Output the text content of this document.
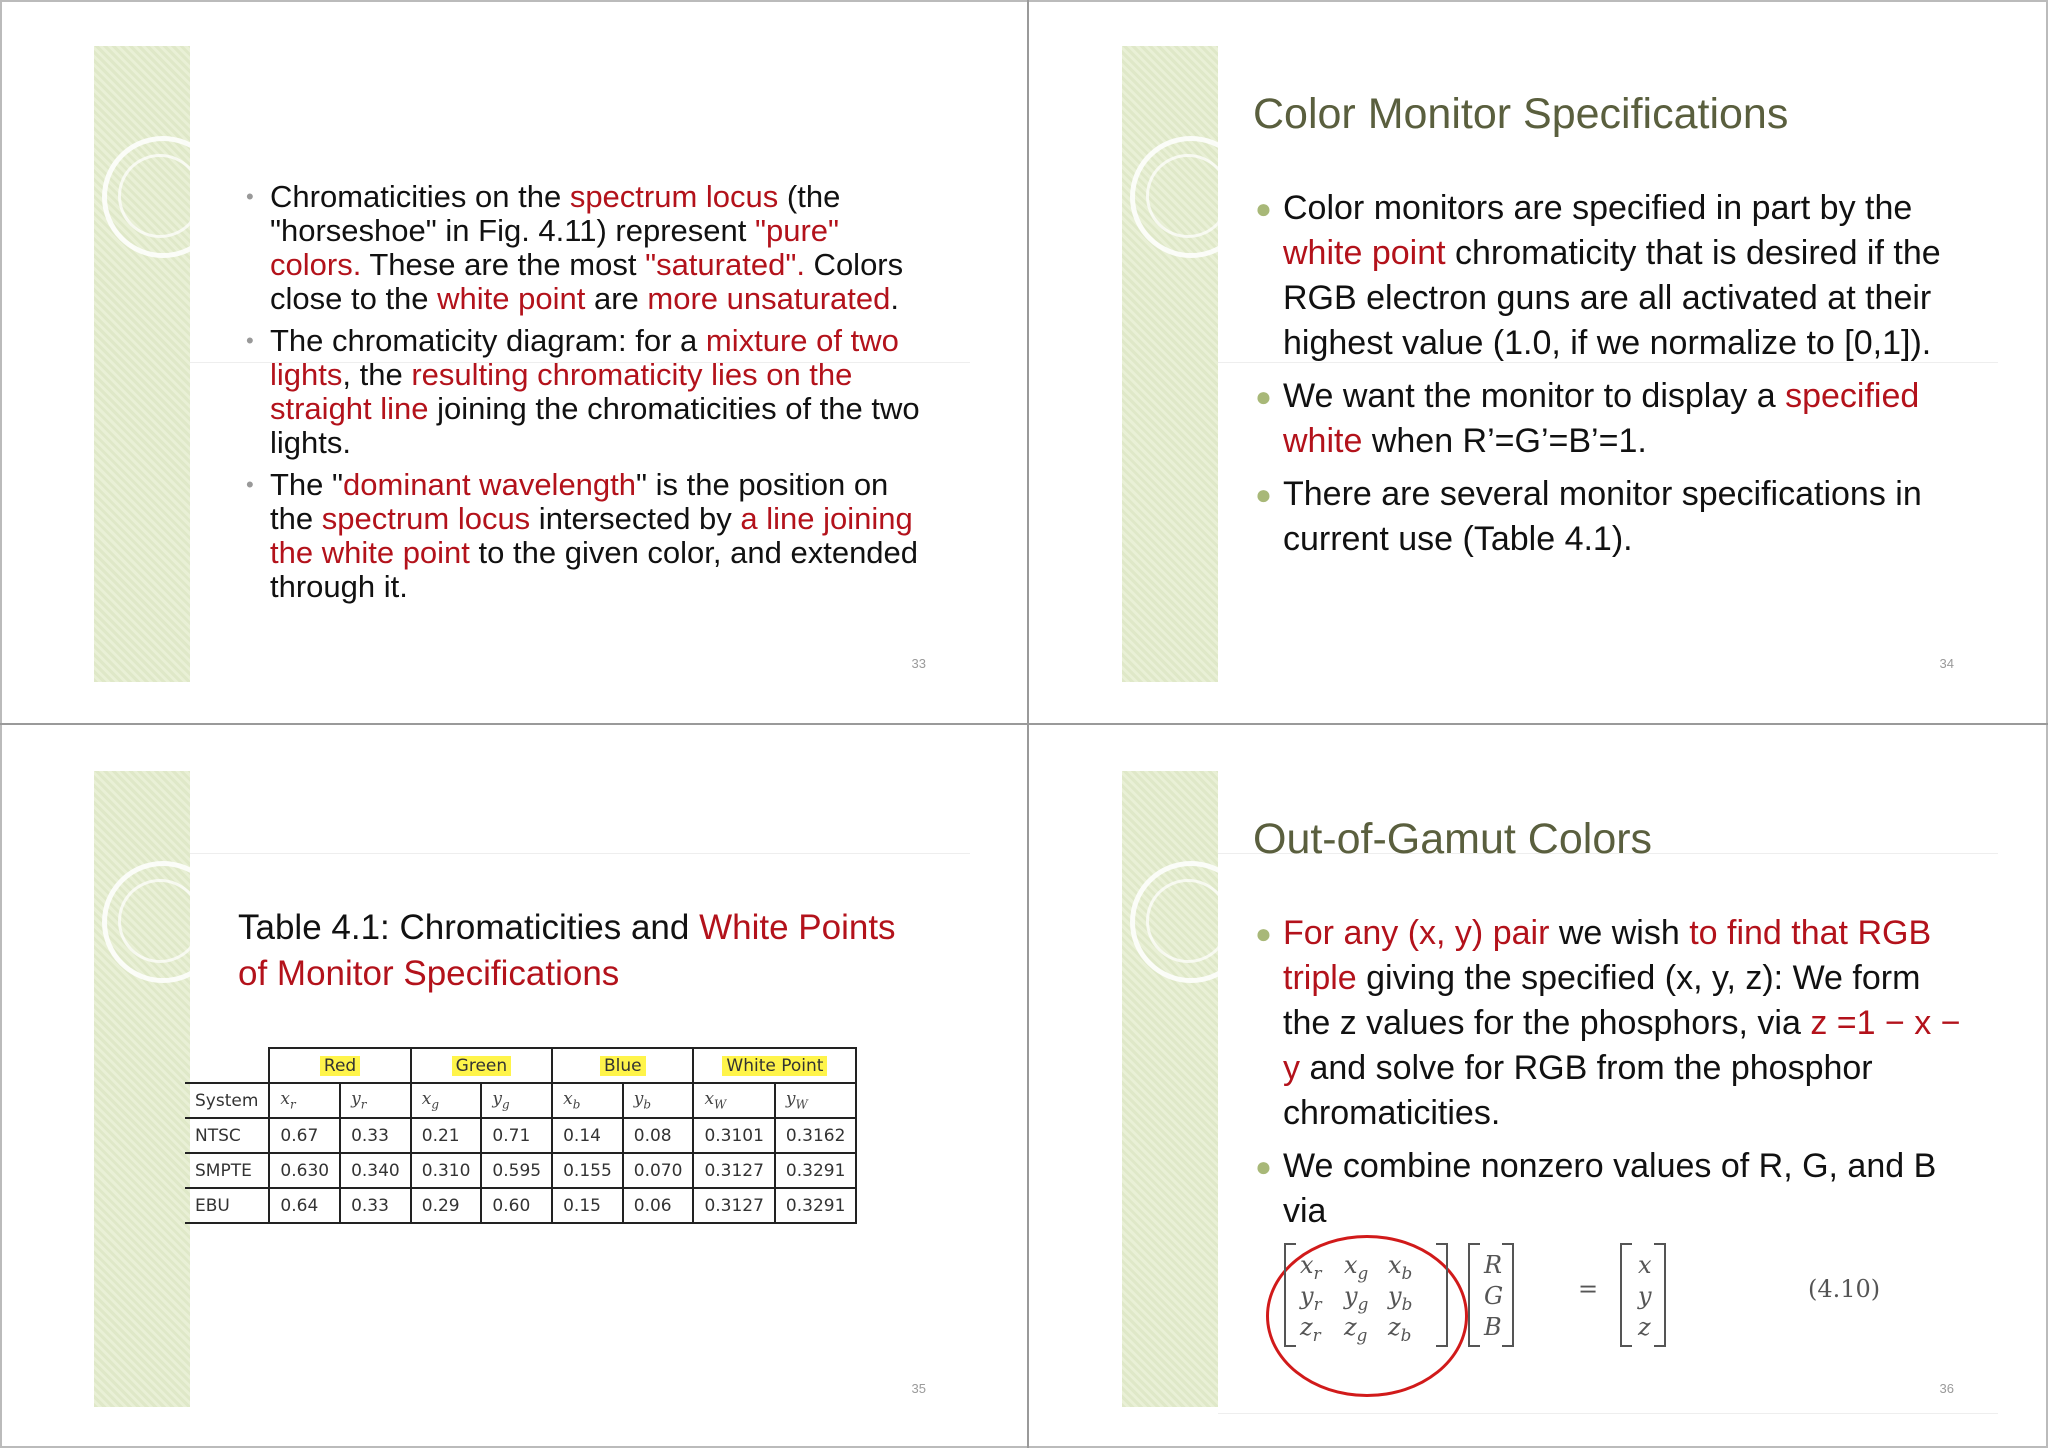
• Chromaticities on the spectrum locus (the "horseshoe" in Fig. 4.11) represent "pure" colors. These are the most "saturated". Colors close to the white point are more unsaturated.
• The chromaticity diagram: for a mixture of two lights, the resulting chromaticity lies on the straight line joining the chromaticities of the two lights.
• The "dominant wavelength" is the position on the spectrum locus intersected by a line joining the white point to the given color, and extended through it.
33
Color Monitor Specifications
● Color monitors are specified in part by the white point chromaticity that is desired if the RGB electron guns are all activated at their highest value (1.0, if we normalize to [0,1]).
● We want the monitor to display a specified white when R’=G’=B’=1.
● There are several monitor specifications in current use (Table 4.1).
34
Table 4.1: Chromaticities and White Points of Monitor Specifications
	Red		Green		Blue		White Point	
System	$x_r$	$y_r$	$x_g$	$y_g$	$x_b$	$y_b$	$x_W$	$y_W$
NTSC	0.67	0.33	0.21	0.71	0.14	0.08	0.3101	0.3162
SMPTE	0.630	0.340	0.310	0.595	0.155	0.070	0.3127	0.3291
EBU	0.64	0.33	0.29	0.60	0.15	0.06	0.3127	0.3291
35
Out-of-Gamut Colors
● For any (x, y) pair we wish to find that RGB triple giving the specified (x, y, z): We form the z values for the phosphors, via z =1 − x − y and solve for RGB from the phosphor chromaticities.
● We combine nonzero values of R, G, and B via
$x_r$ $x_g$ $x_b$
$y_r$ $y_g$ $y_b$
$z_r$ $z_g$ $z_b$
R
G
B
=
x
y
z
(4.10)
36
